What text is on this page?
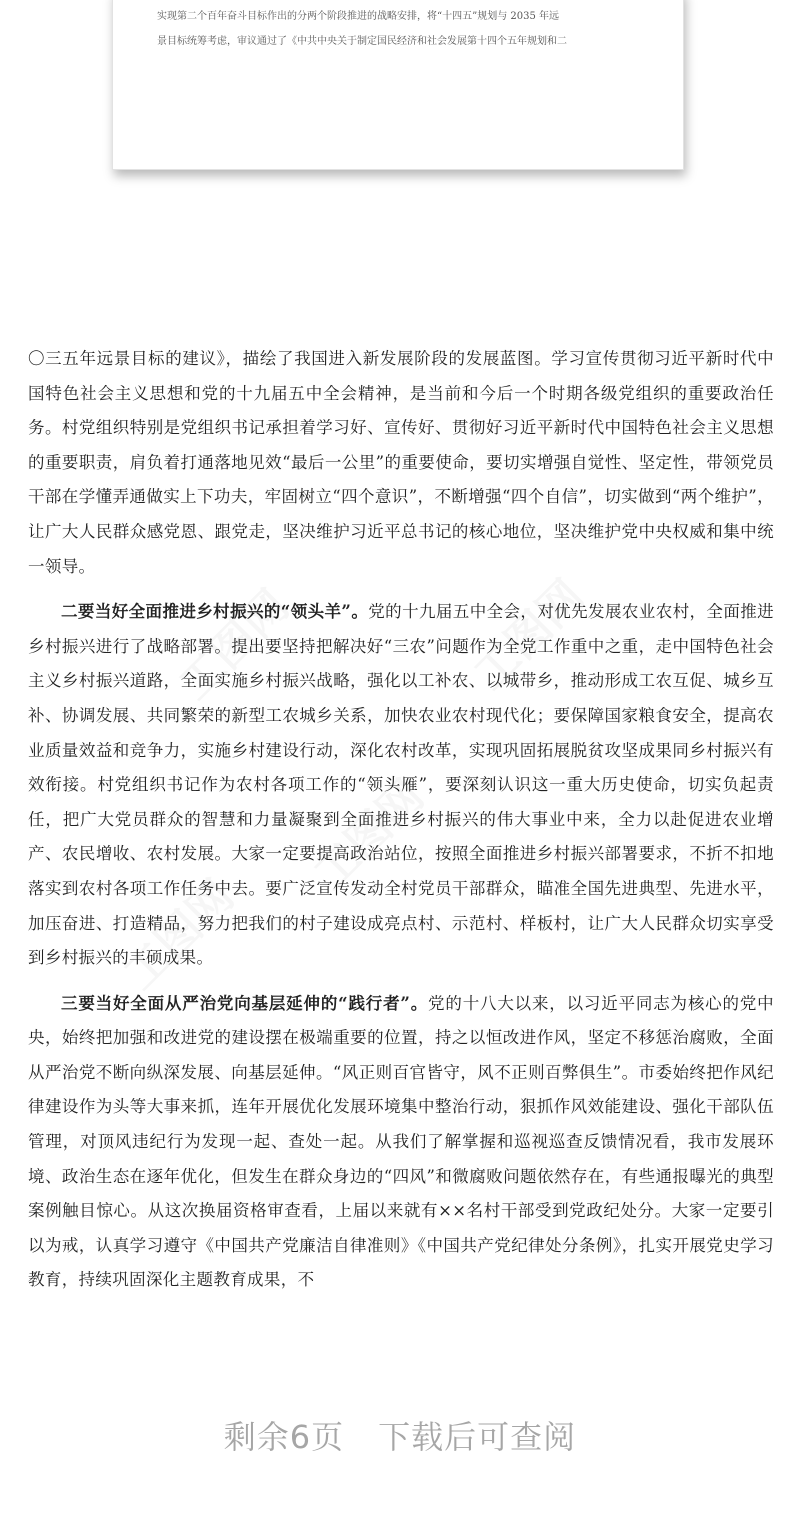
实现第二个百年奋斗目标作出的分两个阶段推进的战略安排，将“十四五”规划与 2035 年远

景目标统筹考虑，审议通过了《中共中央关于制定国民经济和社会发展第十四个五年规划和二

〇三五年远景目标的建议》，描绘了我国进入新发展阶段的发展蓝图。学习宣传贯彻习近平新时代中国特色社会主义思想和党的十九届五中全会精神，是当前和今后一个时期各级党组织的重要政治任务。村党组织特别是党组织书记承担着学习好、宣传好、贯彻好习近平新时代中国特色社会主义思想的重要职责，肩负着打通落地见效“最后一公里”的重要使命，要切实增强自觉性、坚定性，带领党员干部在学懂弄通做实上下功夫，牢固树立“四个意识”，不断增强“四个自信”，切实做到“两个维护”，让广大人民群众感党恩、跟党走，坚决维护习近平总书记的核心地位，坚决维护党中央权威和集中统一领导。

二要当好全面推进乡村振兴的“领头羊”。党的十九届五中全会，对优先发展农业农村，全面推进乡村振兴进行了战略部署。提出要坚持把解决好“三农”问题作为全党工作重中之重，走中国特色社会主义乡村振兴道路，全面实施乡村振兴战略，强化以工补农、以城带乡，推动形成工农互促、城乡互补、协调发展、共同繁荣的新型工农城乡关系，加快农业农村现代化；要保障国家粮食安全，提高农业质量效益和竞争力，实施乡村建设行动，深化农村改革，实现巩固拓展脱贫攻坚成果同乡村振兴有效衔接。村党组织书记作为农村各项工作的“领头雁”，要深刻认识这一重大历史使命，切实负起责任，把广大党员群众的智慧和力量凝聚到全面推进乡村振兴的伟大事业中来，全力以赴促进农业增产、农民增收、农村发展。大家一定要提高政治站位，按照全面推进乡村振兴部署要求，不折不扣地落实到农村各项工作任务中去。要广泛宣传发动全村党员干部群众，瞄准全国先进典型、先进水平，加压奋进、打造精品，努力把我们的村子建设成亮点村、示范村、样板村，让广大人民群众切实享受到乡村振兴的丰硕成果。

三要当好全面从严治党向基层延伸的“践行者”。党的十八大以来，以习近平同志为核心的党中央，始终把加强和改进党的建设摆在极端重要的位置，持之以恒改进作风，坚定不移惩治腐败，全面从严治党不断向纵深发展、向基层延伸。“风正则百官皆守，风不正则百弊俱生”。市委始终把作风纪律建设作为头等大事来抓，连年开展优化发展环境集中整治行动，狠抓作风效能建设、强化干部队伍管理，对顶风违纪行为发现一起、查处一起。从我们了解掌握和巡视巡查反馈情况看，我市发展环境、政治生态在逐年优化，但发生在群众身边的“四风”和微腐败问题依然存在，有些通报曝光的典型案例触目惊心。从这次换届资格审查看，上届以来就有××名村干部受到党政纪处分。大家一定要引以为戒，认真学习遵守《中国共产党廉洁自律准则》《中国共产党纪律处分条例》，扎实开展党史学习教育，持续巩固深化主题教育成果，不

剩余6页 下载后可查阅
